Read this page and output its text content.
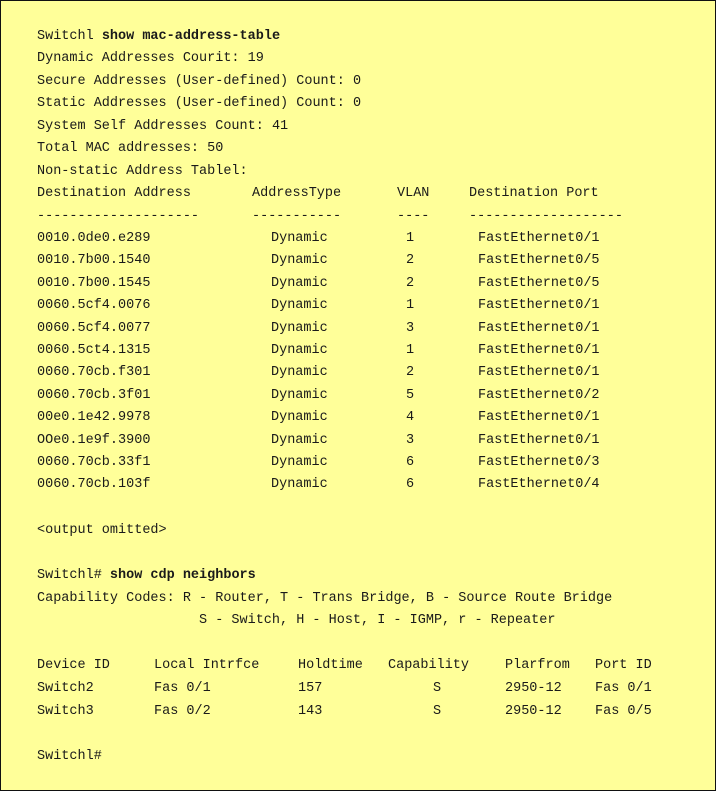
Switchl show mac-address-table
Dynamic Addresses Courit: 19
Secure Addresses (User-defined) Count: 0
Static Addresses (User-defined) Count: 0
System Self Addresses Count: 41
Total MAC addresses: 50
Non-static Address Tablel:
Destination Address	AddressType	VLAN	Destination Port
--------------------	-----------	----	-------------------
0010.0de0.e289	Dynamic	1	FastEthernet0/1
0010.7b00.1540	Dynamic	2	FastEthernet0/5
0010.7b00.1545	Dynamic	2	FastEthernet0/5
0060.5cf4.0076	Dynamic	1	FastEthernet0/1
0060.5cf4.0077	Dynamic	3	FastEthernet0/1
0060.5ct4.1315	Dynamic	1	FastEthernet0/1
0060.70cb.f301	Dynamic	2	FastEthernet0/1
0060.70cb.3f01	Dynamic	5	FastEthernet0/2
00e0.1e42.9978	Dynamic	4	FastEthernet0/1
OOe0.1e9f.3900	Dynamic	3	FastEthernet0/1
0060.70cb.33f1	Dynamic	6	FastEthernet0/3
0060.70cb.103f	Dynamic	6	FastEthernet0/4
<output omitted>
Switchl# show cdp neighbors
Capability Codes: R - Router, T - Trans Bridge, B - Source Route Bridge
S - Switch, H - Host, I - IGMP, r - Repeater
Device ID	Local Intrfce	Holdtime Capability	Plarfrom Port ID
Switch2	Fas 0/1	157	S	2950-12 Fas 0/1
Switch3	Fas 0/2	143	S	2950-12 Fas 0/5
Switchl#
